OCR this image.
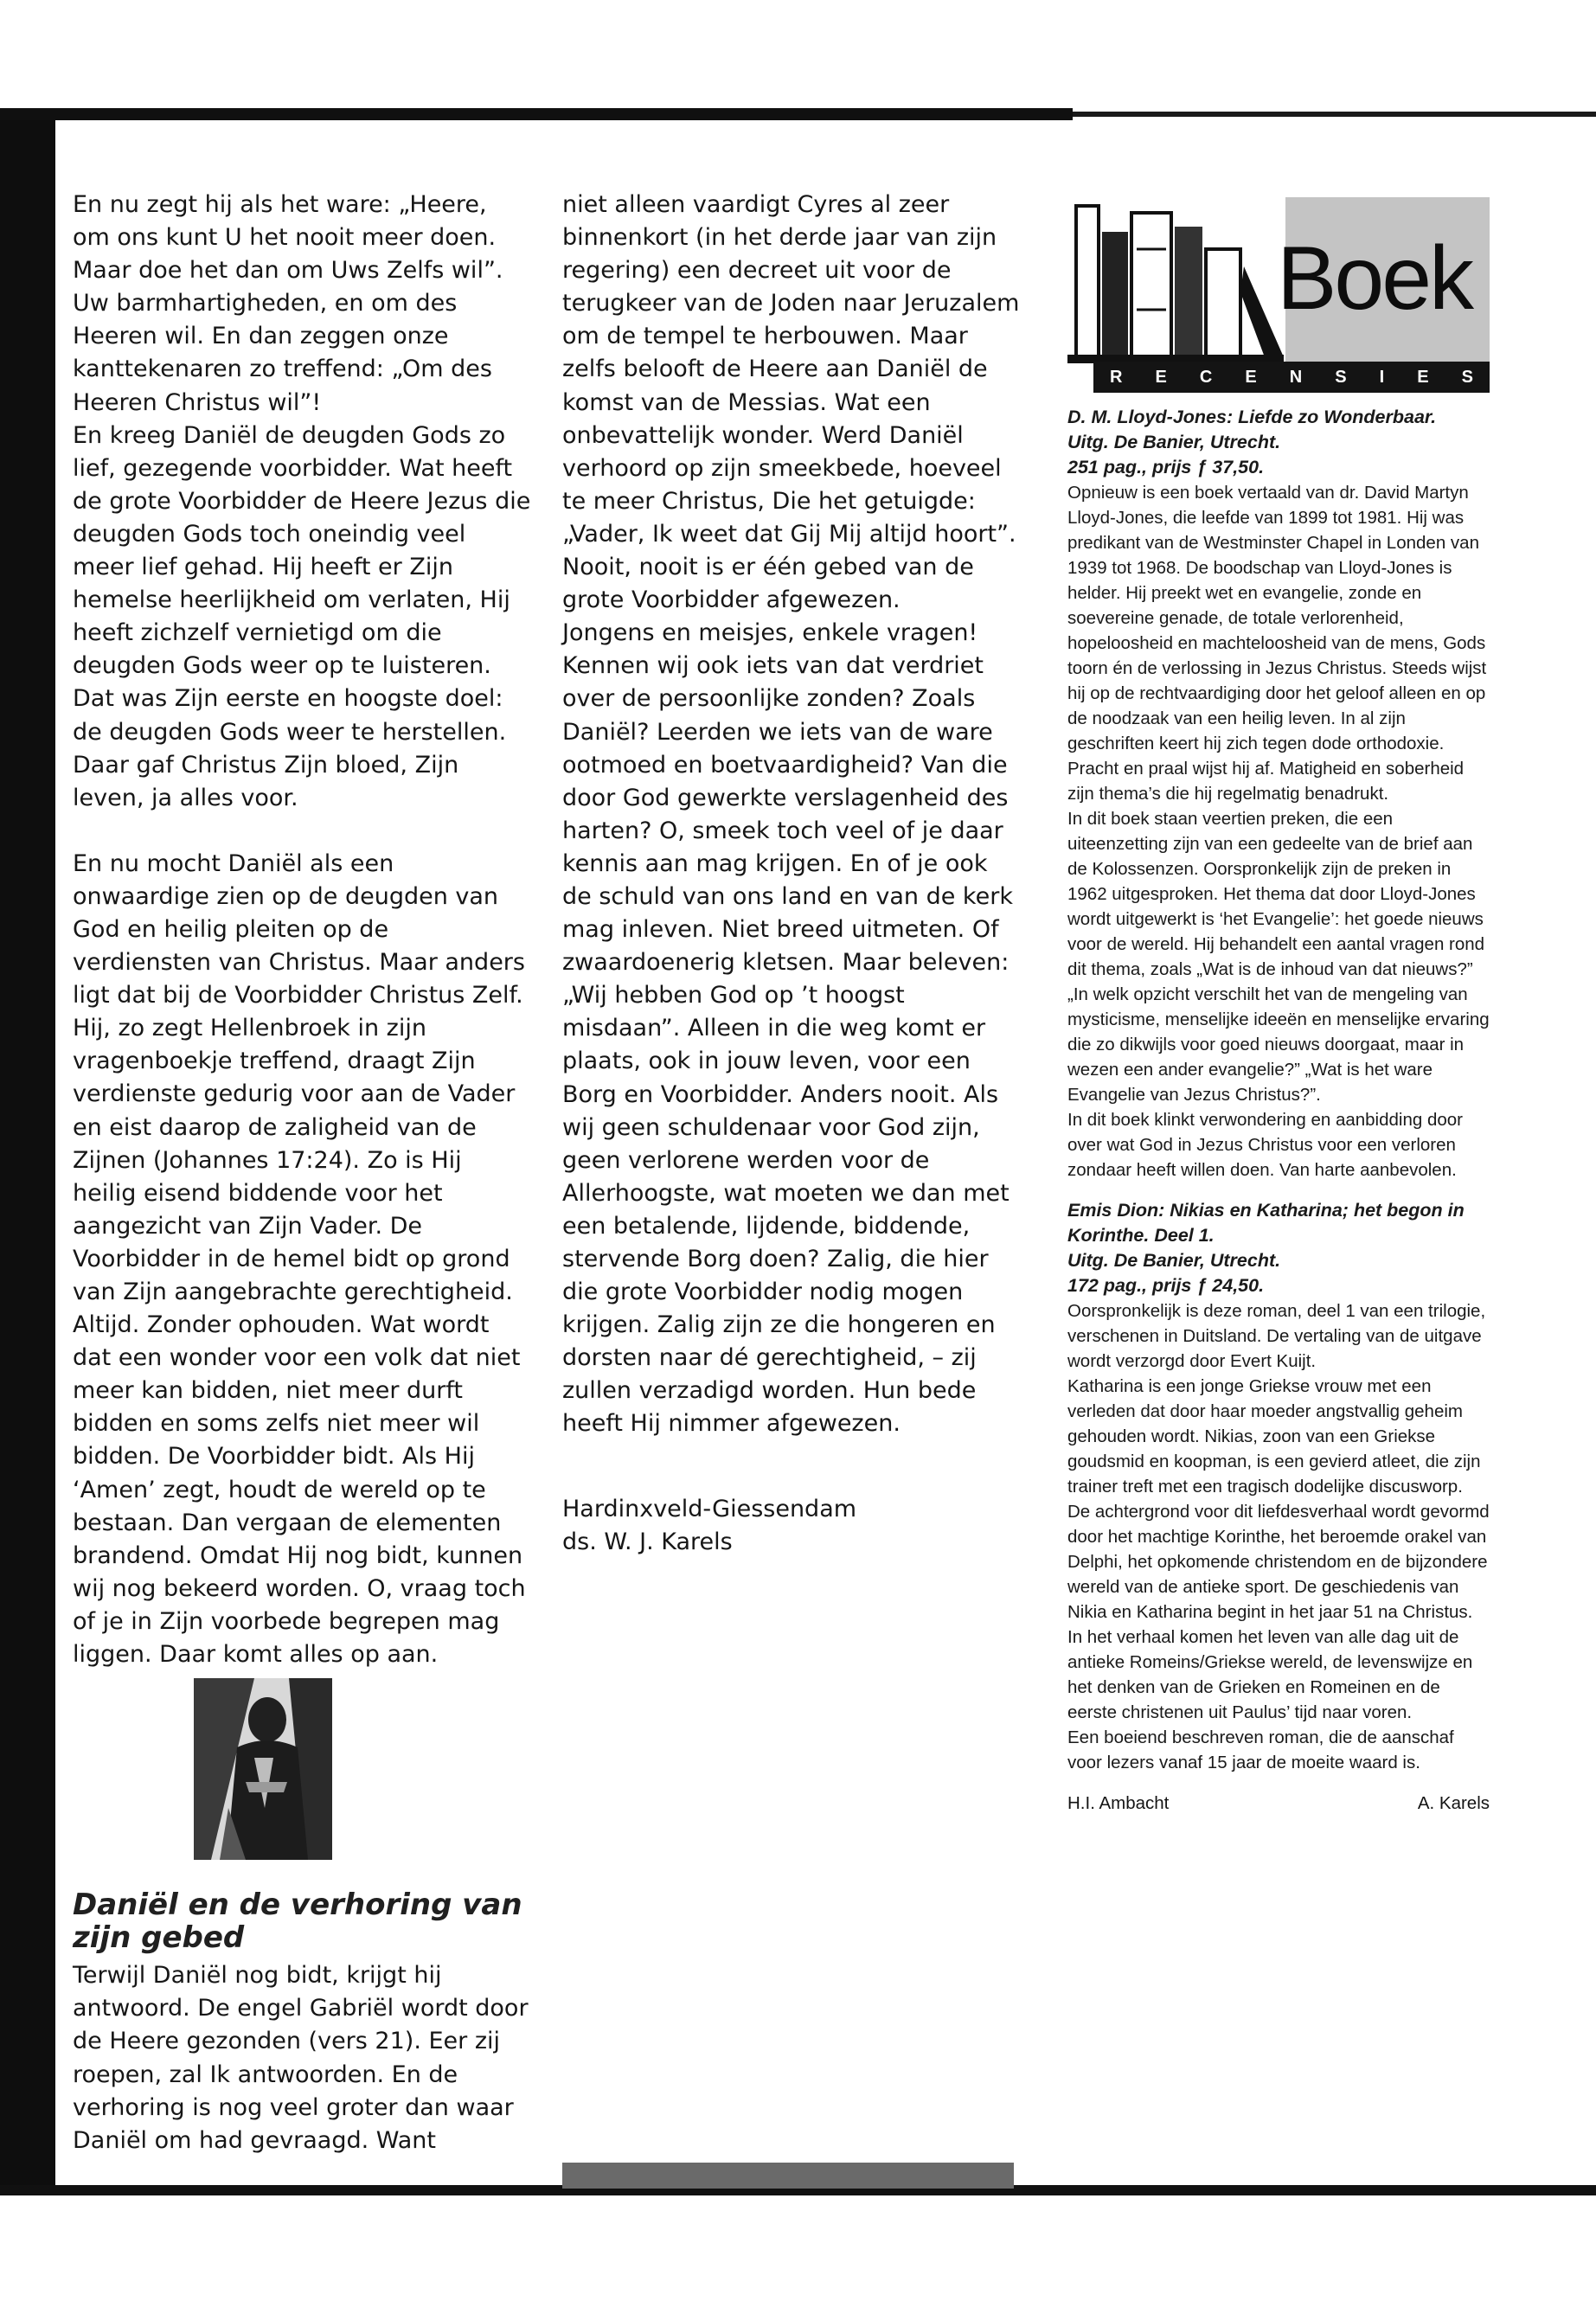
En nu zegt hij als het ware: „Heere, om ons kunt U het nooit meer doen. Maar doe het dan om Uws Zelfs wil”. Uw barmhartigheden, en om des Heeren wil. En dan zeggen onze kanttekenaren zo treffend: „Om des Heeren Christus wil”!

En kreeg Daniël de deugden Gods zo lief, gezegende voorbidder. Wat heeft de grote Voorbidder de Heere Jezus die deugden Gods toch oneindig veel meer lief gehad. Hij heeft er Zijn hemelse heerlijkheid om verlaten, Hij heeft zichzelf vernietigd om die deugden Gods weer op te luisteren. Dat was Zijn eerste en hoogste doel: de deugden Gods weer te herstellen. Daar gaf Christus Zijn bloed, Zijn leven, ja alles voor.

En nu mocht Daniël als een onwaardige zien op de deugden van God en heilig pleiten op de verdiensten van Christus. Maar anders ligt dat bij de Voorbidder Christus Zelf. Hij, zo zegt Hellenbroek in zijn vragenboekje treffend, draagt Zijn verdienste gedurig voor aan de Vader en eist daarop de zaligheid van de Zijnen (Johannes 17:24). Zo is Hij heilig eisend biddende voor het aangezicht van Zijn Vader. De Voorbidder in de hemel bidt op grond van Zijn aangebrachte gerechtigheid. Altijd. Zonder ophouden. Wat wordt dat een wonder voor een volk dat niet meer kan bidden, niet meer durft bidden en soms zelfs niet meer wil bidden. De Voorbidder bidt. Als Hij ‘Amen’ zegt, houdt de wereld op te bestaan. Dan vergaan de elementen brandend. Omdat Hij nog bidt, kunnen wij nog bekeerd worden. O, vraag toch of je in Zijn voorbede begrepen mag liggen. Daar komt alles op aan.

Daniël en de verhoring van zijn gebed

Terwijl Daniël nog bidt, krijgt hij antwoord. De engel Gabriël wordt door de Heere gezonden (vers 21). Eer zij roepen, zal Ik antwoorden. En de verhoring is nog veel groter dan waar Daniël om had gevraagd. Want

niet alleen vaardigt Cyres al zeer binnenkort (in het derde jaar van zijn regering) een decreet uit voor de terugkeer van de Joden naar Jeruzalem om de tempel te herbouwen. Maar zelfs belooft de Heere aan Daniël de komst van de Messias. Wat een onbevattelijk wonder. Werd Daniël verhoord op zijn smeekbede, hoeveel te meer Christus, Die het getuigde: „Vader, Ik weet dat Gij Mij altijd hoort”. Nooit, nooit is er één gebed van de grote Voorbidder afgewezen.

Jongens en meisjes, enkele vragen! Kennen wij ook iets van dat verdriet over de persoonlijke zonden? Zoals Daniël? Leerden we iets van de ware ootmoed en boetvaardigheid? Van die door God gewerkte verslagenheid des harten? O, smeek toch veel of je daar kennis aan mag krijgen. En of je ook de schuld van ons land en van de kerk mag inleven. Niet breed uitmeten. Of zwaardoenerig kletsen. Maar beleven: „Wij hebben God op ’t hoogst misdaan”. Alleen in die weg komt er plaats, ook in jouw leven, voor een Borg en Voorbidder. Anders nooit. Als wij geen schuldenaar voor God zijn, geen verlorene werden voor de Allerhoogste, wat moeten we dan met een betalende, lijdende, biddende, stervende Borg doen? Zalig, die hier die grote Voorbidder nodig mogen krijgen. Zalig zijn ze die hongeren en dorsten naar dé gerechtigheid, – zij zullen verzadigd worden. Hun bede heeft Hij nimmer afgewezen.

Hardinxveld-Giessendam

ds. W. J. Karels

Boek
R E C E N S I E S
D. M. Lloyd-Jones: Liefde zo Wonderbaar.
Uitg. De Banier, Utrecht.
251 pag., prijs ƒ 37,50.

Opnieuw is een boek vertaald van dr. David Martyn Lloyd-Jones, die leefde van 1899 tot 1981. Hij was predikant van de Westminster Chapel in Londen van 1939 tot 1968. De boodschap van Lloyd-Jones is helder. Hij preekt wet en evangelie, zonde en soevereine genade, de totale verlorenheid, hopeloosheid en machteloosheid van de mens, Gods toorn én de verlossing in Jezus Christus. Steeds wijst hij op de rechtvaardiging door het geloof alleen en op de noodzaak van een heilig leven. In al zijn geschriften keert hij zich tegen dode orthodoxie. Pracht en praal wijst hij af. Matigheid en soberheid zijn thema’s die hij regelmatig benadrukt.

In dit boek staan veertien preken, die een uiteenzetting zijn van een gedeelte van de brief aan de Kolossenzen. Oorspronkelijk zijn de preken in 1962 uitgesproken. Het thema dat door Lloyd-Jones wordt uitgewerkt is ‘het Evangelie’: het goede nieuws voor de wereld. Hij behandelt een aantal vragen rond dit thema, zoals „Wat is de inhoud van dat nieuws?” „In welk opzicht verschilt het van de mengeling van mysticisme, menselijke ideeën en menselijke ervaring die zo dikwijls voor goed nieuws doorgaat, maar in wezen een ander evangelie?” „Wat is het ware Evangelie van Jezus Christus?”.

In dit boek klinkt verwondering en aanbidding door over wat God in Jezus Christus voor een verloren zondaar heeft willen doen. Van harte aanbevolen.

Emis Dion: Nikias en Katharina; het begon in Korinthe. Deel 1.
Uitg. De Banier, Utrecht.
172 pag., prijs ƒ 24,50.

Oorspronkelijk is deze roman, deel 1 van een trilogie, verschenen in Duitsland. De vertaling van de uitgave wordt verzorgd door Evert Kuijt.

Katharina is een jonge Griekse vrouw met een verleden dat door haar moeder angstvallig geheim gehouden wordt. Nikias, zoon van een Griekse goudsmid en koopman, is een gevierd atleet, die zijn trainer treft met een tragisch dodelijke discusworp. De achtergrond voor dit liefdesverhaal wordt gevormd door het machtige Korinthe, het beroemde orakel van Delphi, het opkomende christendom en de bijzondere wereld van de antieke sport. De geschiedenis van Nikia en Katharina begint in het jaar 51 na Christus. In het verhaal komen het leven van alle dag uit de antieke Romeins/Griekse wereld, de levenswijze en het denken van de Grieken en Romeinen en de eerste christenen uit Paulus’ tijd naar voren.

Een boeiend beschreven roman, die de aanschaf voor lezers vanaf 15 jaar de moeite waard is.

H.I. Ambacht	A. Karels
